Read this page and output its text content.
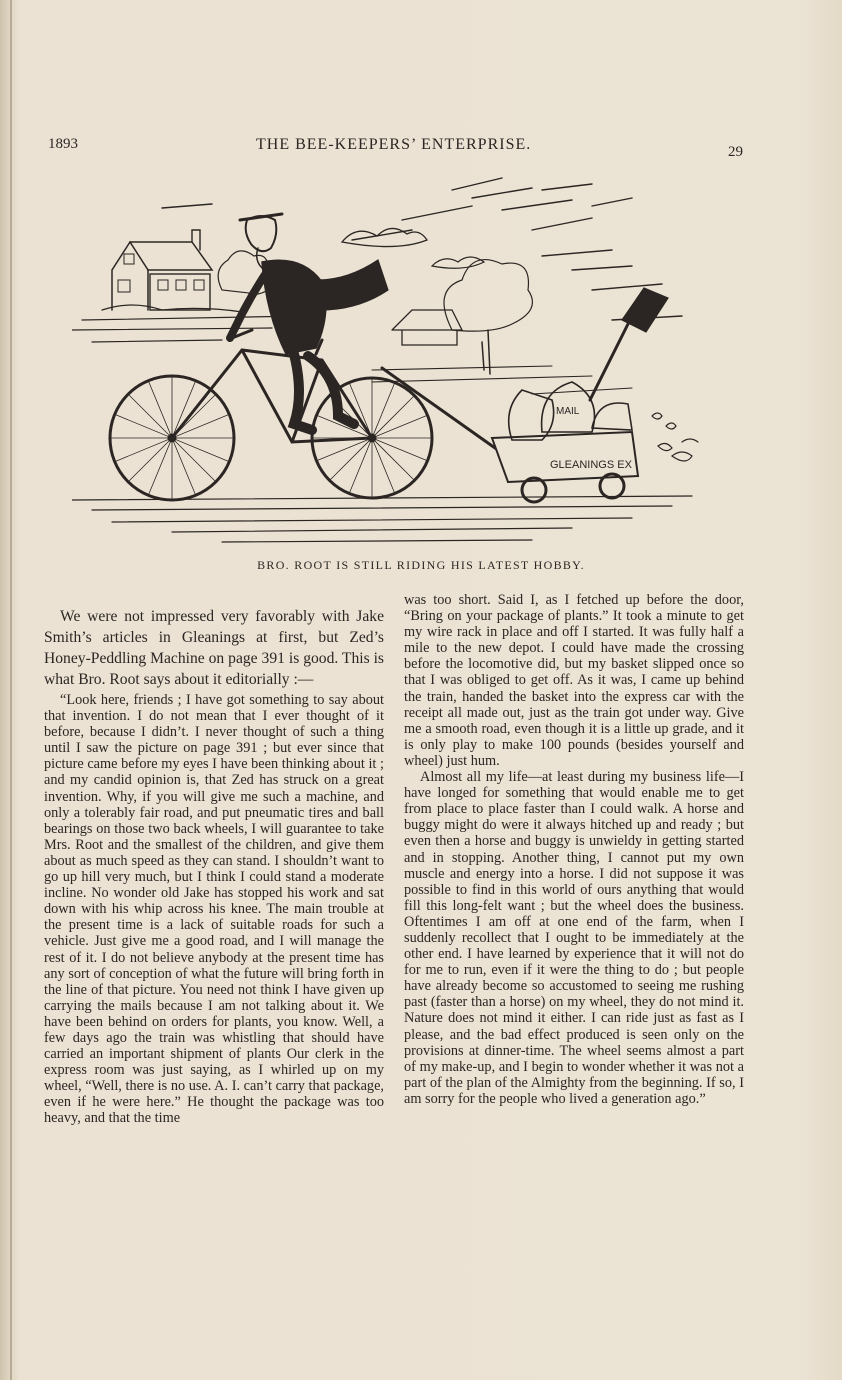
1893	THE BEE-KEEPERS’ ENTERPRISE.	29
GLEANINGS EX
MAIL
BRO. ROOT IS STILL RIDING HIS LATEST HOBBY.

We were not impressed very favorably with Jake Smith’s articles in Gleanings at first, but Zed’s Honey-Peddling Machine on page 391 is good. This is what Bro. Root says about it editorially :—

“Look here, friends ; I have got something to say about that invention. I do not mean that I ever thought of it before, because I didn’t. I never thought of such a thing until I saw the picture on page 391 ; but ever since that picture came before my eyes I have been thinking about it ; and my candid opinion is, that Zed has struck on a great invention. Why, if you will give me such a machine, and only a tolerably fair road, and put pneumatic tires and ball bearings on those two back wheels, I will guarantee to take Mrs. Root and the smallest of the children, and give them about as much speed as they can stand. I shouldn’t want to go up hill very much, but I think I could stand a moderate incline. No wonder old Jake has stopped his work and sat down with his whip across his knee. The main trouble at the present time is a lack of suitable roads for such a vehicle. Just give me a good road, and I will manage the rest of it. I do not believe anybody at the present time has any sort of conception of what the future will bring forth in the line of that picture. You need not think I have given up carrying the mails because I am not talking about it. We have been behind on orders for plants, you know. Well, a few days ago the train was whistling that should have carried an important shipment of plants Our clerk in the express room was just saying, as I whirled up on my wheel, “Well, there is no use. A. I. can’t carry that package, even if he were here.” He thought the package was too heavy, and that the time

was too short. Said I, as I fetched up before the door, “Bring on your package of plants.” It took a minute to get my wire rack in place and off I started. It was fully half a mile to the new depot. I could have made the crossing before the locomotive did, but my basket slipped once so that I was obliged to get off. As it was, I came up behind the train, handed the basket into the express car with the receipt all made out, just as the train got under way. Give me a smooth road, even though it is a little up grade, and it is only play to make 100 pounds (besides yourself and wheel) just hum.

Almost all my life—at least during my business life—I have longed for something that would enable me to get from place to place faster than I could walk. A horse and buggy might do were it always hitched up and ready ; but even then a horse and buggy is unwieldy in getting started and in stopping. Another thing, I cannot put my own muscle and energy into a horse. I did not suppose it was possible to find in this world of ours anything that would fill this long-felt want ; but the wheel does the business. Oftentimes I am off at one end of the farm, when I suddenly recollect that I ought to be immediately at the other end. I have learned by experience that it will not do for me to run, even if it were the thing to do ; but people have already become so accustomed to seeing me rushing past (faster than a horse) on my wheel, they do not mind it. Nature does not mind it either. I can ride just as fast as I please, and the bad effect produced is seen only on the provisions at dinner-time. The wheel seems almost a part of my make-up, and I begin to wonder whether it was not a part of the plan of the Almighty from the beginning. If so, I am sorry for the people who lived a generation ago.”
